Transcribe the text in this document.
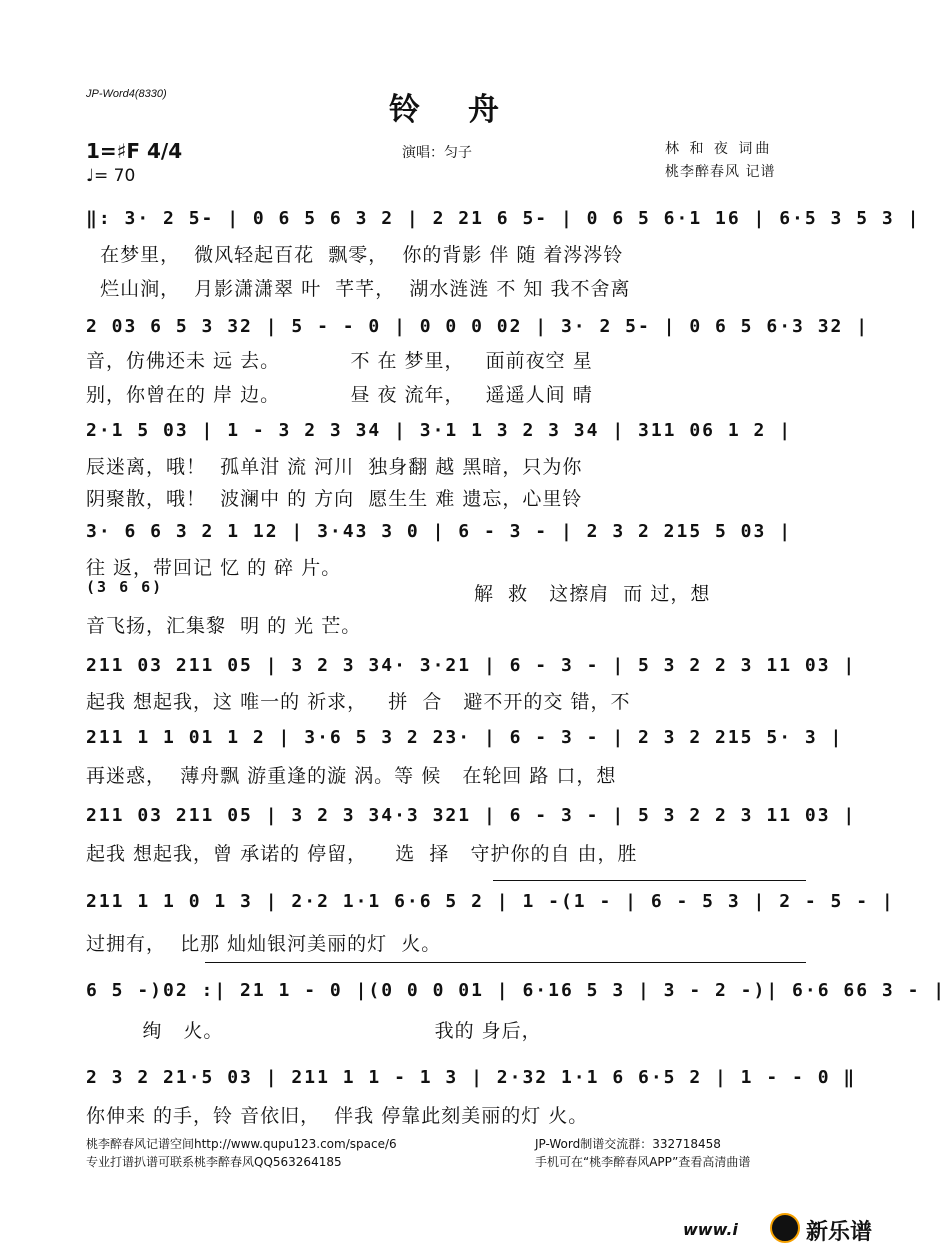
JP-Word4(8330)	铃舟
1=♯F 4/4
♩= 70
演唱：匀子	林 和 夜 词曲
桃李醉春风 记谱
‖: 3· 2 5- | 0 6 5 6 3 2 | 2 21 6 5- | 0 6 5 6·1 16 | 6·5 3 5 3 |
在梦里，  微风轻起百花  飘零，  你的背影 伴 随 着涔涔铃
烂山涧，  月影潇潇翠 叶  芊芊，  湖水涟涟 不 知 我不舍离
2 03 6 5 3 32 | 5 - - 0 | 0 0 0 02 | 3· 2 5- | 0 6 5 6·3 32 |
音，仿佛还未 远 去。          不 在 梦里，   面前夜空 星
别，你曾在的 岸 边。          昼 夜 流年，   遥遥人间 晴
2·1 5 03 | 1 - 3 2 3 34 | 3·1 1 3 2 3 34 | 311 06 1 2 |
辰迷离，哦！  孤单泔 流 河川  独身翻 越 黑暗，只为你
阴聚散，哦！  波澜中 的 方向  愿生生 难 遗忘，心里铃
3· 6 6 3 2 1 12 | 3·43 3 0 | 6 - 3 - | 2 3 2 215 5 03 |
往 返，带回记 忆 的 碎 片。
(3 6 6)
音飞扬，汇集黎  明 的 光 芒。
解  救   这擦肩  而 过，想
211 03 211 05 | 3 2 3 34· 3·21 | 6 - 3 - | 5 3 2 2 3 11 03 |
起我 想起我，这 唯一的 祈求，   拼  合   避不开的交 错，不
211 1 1 01 1 2 | 3·6 5 3 2 23· | 6 - 3 - | 2 3 2 215 5· 3 |
再迷惑，  薄舟飘 游重逢的漩 涡。等 候   在轮回 路 口，想
211 03 211 05 | 3 2 3 34·3 321 | 6 - 3 - | 5 3 2 2 3 11 03 |
起我 想起我，曾 承诺的 停留，    选  择   守护你的自 由，胜
211 1 1 0 1 3 | 2·2 1·1 6·6 5 2 | 1 -(1 - | 6 - 5 3 | 2 - 5 - |
过拥有，  比那 灿灿银河美丽的灯  火。
6 5 -)02 :| 21 1 - 0 |(0 0 0 01 | 6·16 5 3 | 3 - 2 -)| 6·6 66 3 - |
绚   火。                              我的 身后，
2 3 2 21·5 03 | 211 1 1 - 1 3 | 2·32 1·1 6 6·5 2 | 1 - - 0 ‖
你伸来 的手，铃 音依旧，  伴我 停靠此刻美丽的灯 火。
桃李醉春风记谱空间http://www.qupu123.com/space/6
专业打谱扒谱可联系桃李醉春风QQ563264185
JP-Word制谱交流群：332718458
手机可在“桃李醉春风APP”查看高清曲谱
www.i	新乐谱
